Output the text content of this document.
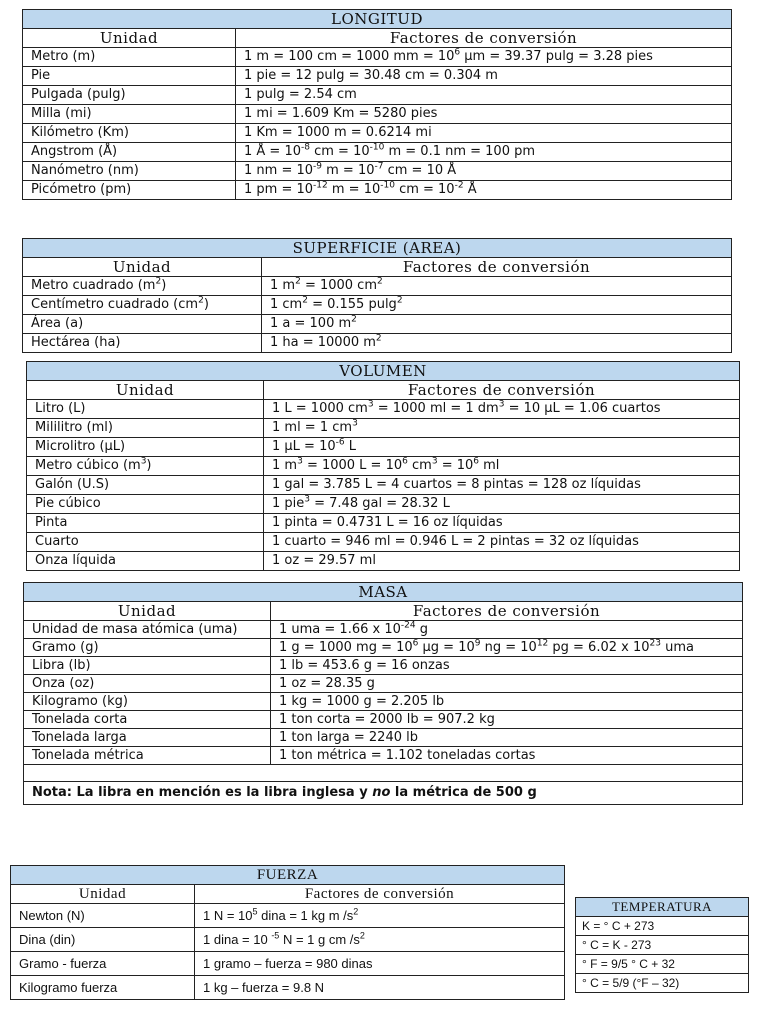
LONGITUD	
Unidad	Factores de conversión
Metro (m)	1 m = 100 cm = 1000 mm = $10^6$ µm = 39.37 pulg = 3.28 pies
Pie	1 pie = 12 pulg = 30.48 cm = 0.304 m
Pulgada (pulg)	1 pulg = 2.54 cm
Milla (mi)	1 mi = 1.609 Km = 5280 pies
Kilómetro (Km)	1 Km = 1000 m = 0.6214 mi
Angstrom (Å)	1 Å = $10^{-8}$ cm = $10^{-10}$ m = 0.1 nm = 100 pm
Nanómetro (nm)	1 nm = $10^{-9}$ $m = 10^{-7}$ cm = 10 Å
Picómetro (pm)	1 pm = $10^{-12}$ $m = 10^{-10}$ cm = $10^{-2}$ Å
SUPERFICIE (AREA)	
Unidad	Factores de conversión
Metro cuadrado $(m^2)$	1 $m^2 = 1000$ $cm^2$
Centímetro cuadrado $(cm^2)$	1 $cm^2 = 0.155$ pulg$^2$
Área (a)	1 a = 100 $m^2$
Hectárea (ha)	1 ha = 10000 $m^2$
VOLUMEN	
Unidad	Factores de conversión
Litro (L)	1 L = 1000 $cm^3 = 1000$ ml = 1 $dm^3 = 10$ µL = 1.06 cuartos
Mililitro (ml)	1 ml = 1 $cm^3$
Microlitro (µL)	1 $\mu L = 10^{-6}$ L
Metro cúbico $(m^3)$	1 $m^3 = 1000$ $L = 10^6$ $cm^3 = 10^6$ ml
Galón (U.S)	1 gal = 3.785 L = 4 cuartos = 8 pintas = 128 oz líquidas
Pie cúbico	1 pie$^3$ = 7.48 gal = 28.32 L
Pinta	1 pinta = 0.4731 L = 16 oz líquidas
Cuarto	1 cuarto = 946 ml = 0.946 L = 2 pintas = 32 oz líquidas
Onza líquida	1 oz = 29.57 ml
MASA	
Unidad	Factores de conversión
Unidad de masa atómica (uma)	1 uma = 1.66 x $10^{-24}$ g
Gramo (g)	1 g = 1000 mg = $10^6$ $\mu g = 10^9$ ng = $10^{12}$ pg = 6.02 x $10^{23}$ uma
Libra (lb)	1 lb = 453.6 g = 16 onzas
Onza (oz)	1 oz = 28.35 g
Kilogramo (kg)	1 kg = 1000 g = 2.205 lb
Tonelada corta	1 ton corta = 2000 lb = 907.2 kg
Tonelada larga	1 ton larga = 2240 lb
Tonelada métrica	1 ton métrica = 1.102 toneladas cortas

Nota: La libra en mención es la libra inglesa y no la métrica de 500 g	
FUERZA	
Unidad	Factores de conversión
Newton (N)	1 $N = 10^5$ dina = 1 kg m $/s^2$
Dina (din)	1 dina = 10 $^{-5}$ N = 1 g cm $/s^2$
Gramo - fuerza	1 gramo – fuerza = 980 dinas
Kilogramo fuerza	1 kg – fuerza = 9.8 N
TEMPERATURA
K = ° C + 273
° C = K - 273
° F = 9/5 ° C + 32
° C = 5/9 (°F – 32)
